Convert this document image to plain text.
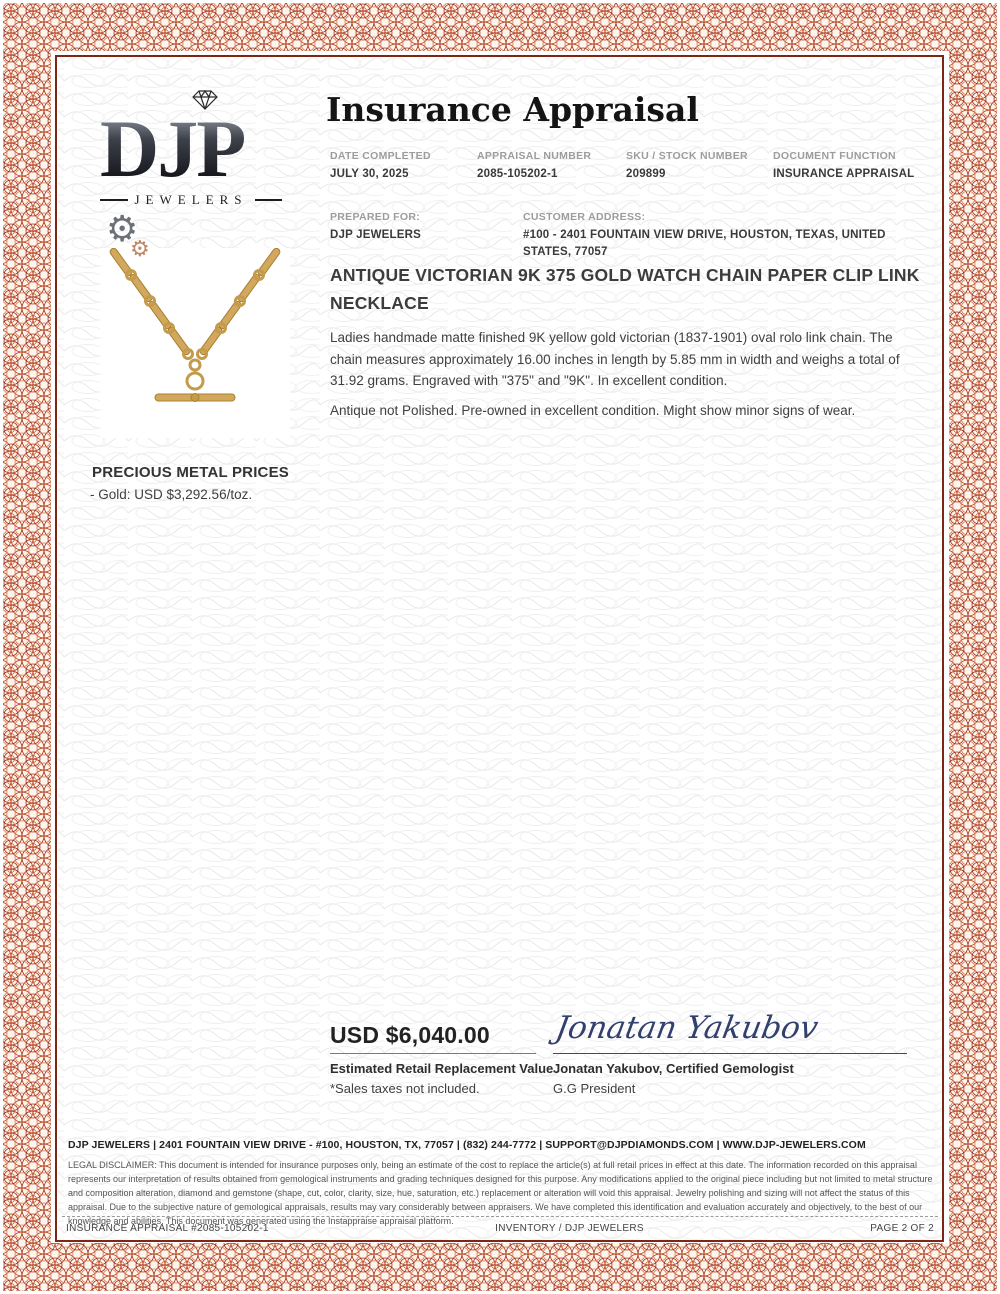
DJP
⚙
⚙
JEWELERS
Insurance Appraisal
DATE COMPLETED
JULY 30, 2025
APPRAISAL NUMBER
2085-105202-1
SKU / STOCK NUMBER
209899
DOCUMENT FUNCTION
INSURANCE APPRAISAL
PREPARED FOR:
DJP JEWELERS
CUSTOMER ADDRESS:
#100 - 2401 FOUNTAIN VIEW DRIVE, HOUSTON, TEXAS, UNITED STATES, 77057
ANTIQUE VICTORIAN 9K 375 GOLD WATCH CHAIN PAPER CLIP LINK NECKLACE
Ladies handmade matte finished 9K yellow gold victorian (1837-1901) oval rolo link chain. The chain measures approximately 16.00 inches in length by 5.85 mm in width and weighs a total of 31.92 grams. Engraved with "375" and "9K". In excellent condition.
Antique not Polished. Pre-owned in excellent condition. Might show minor signs of wear.
PRECIOUS METAL PRICES
- Gold: USD $3,292.56/toz.
USD $6,040.00
Estimated Retail Replacement Value
*Sales taxes not included.
Jonatan Yakubov
Jonatan Yakubov, Certified Gemologist
G.G President
DJP JEWELERS | 2401 FOUNTAIN VIEW DRIVE - #100, HOUSTON, TX, 77057 | (832) 244-7772 | SUPPORT@DJPDIAMONDS.COM | WWW.DJP-JEWELERS.COM
LEGAL DISCLAIMER: This document is intended for insurance purposes only, being an estimate of the cost to replace the article(s) at full retail prices in effect at this date. The information recorded on this appraisal represents our interpretation of results obtained from gemological instruments and grading techniques designed for this purpose. Any modifications applied to the original piece including but not limited to metal structure and composition alteration, diamond and gemstone (shape, cut, color, clarity, size, hue, saturation, etc.) replacement or alteration will void this appraisal. Jewelry polishing and sizing will not affect the status of this appraisal. Due to the subjective nature of gemological appraisals, results may vary considerably between appraisers. We have completed this identification and evaluation accurately and objectively, to the best of our knowledge and abilities. This document was generated using the Instappraise appraisal platform.
INSURANCE APPRAISAL #2085-105202-1	INVENTORY / DJP JEWELERS	PAGE 2 OF 2
